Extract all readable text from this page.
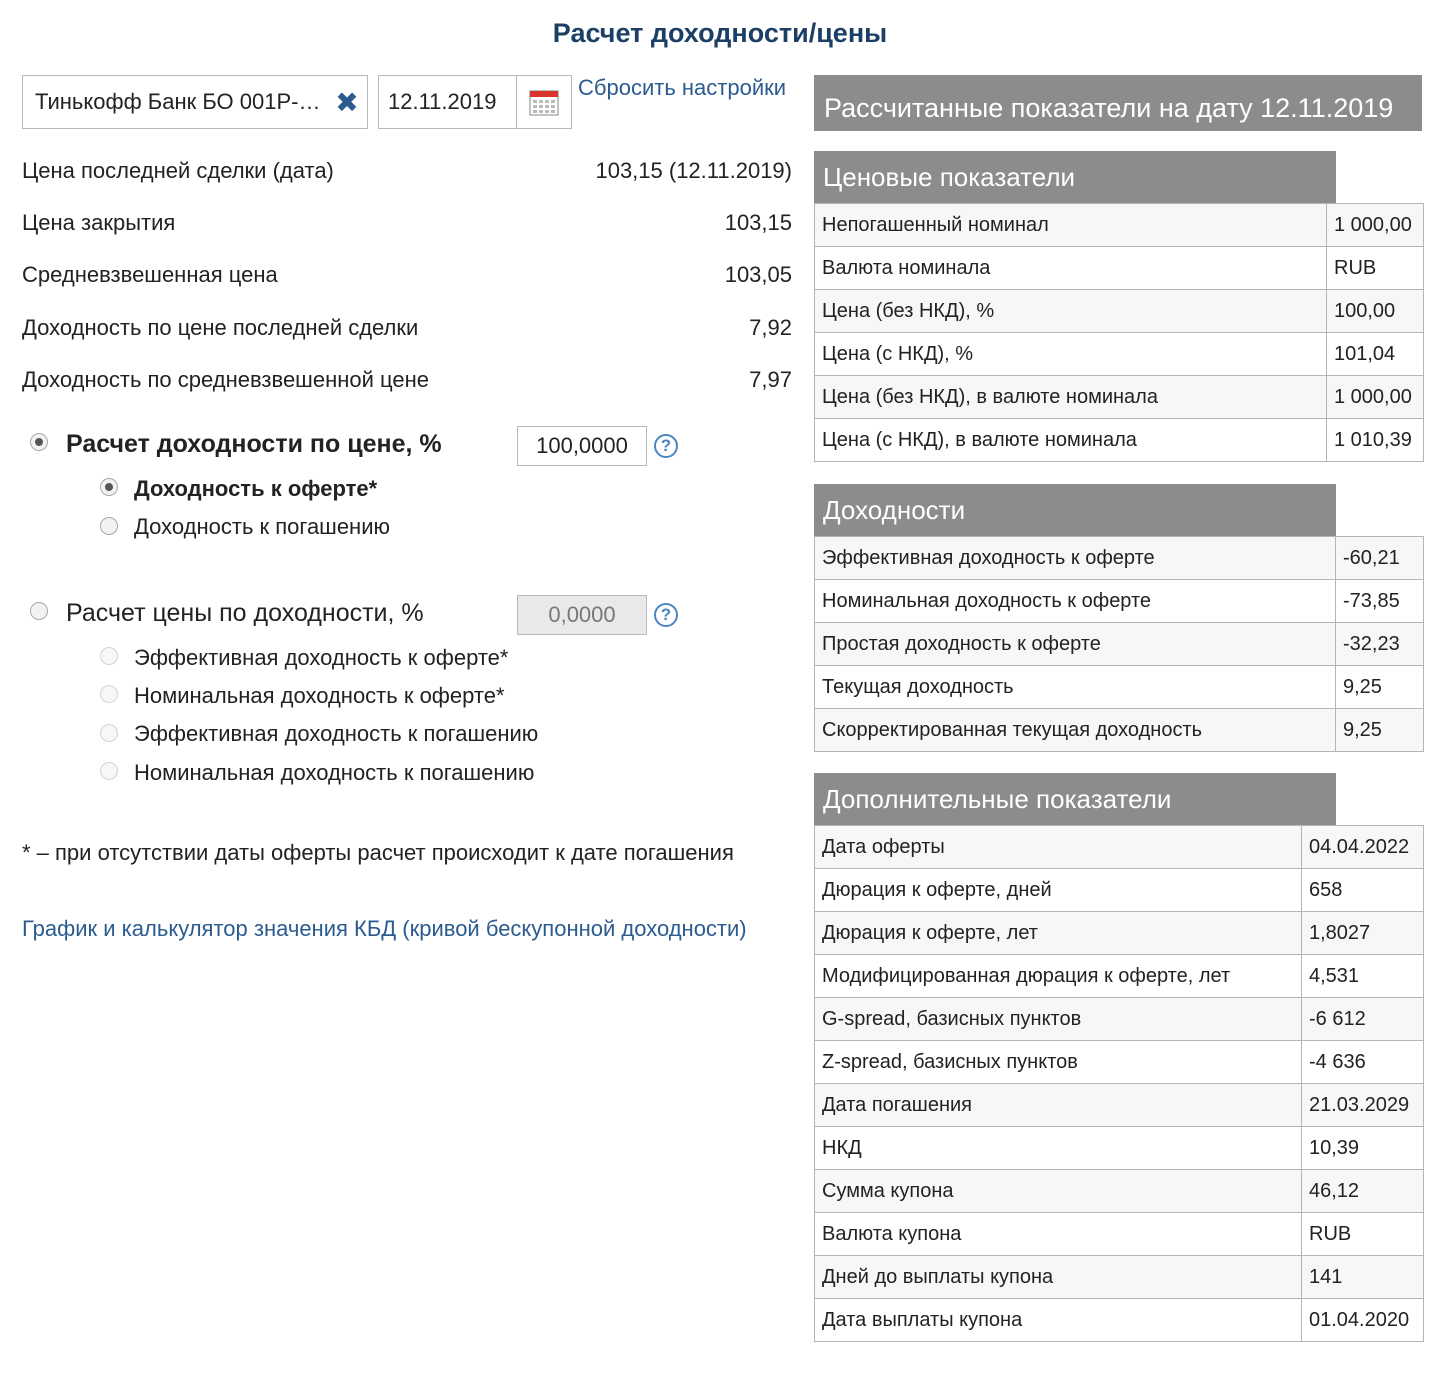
Расчет доходности/цены
Тинькофф Банк БО 001Р-… ✖	12.11.2019
Сбросить настройки
Цена последней сделки (дата)	103,15 (12.11.2019)
Цена закрытия	103,15
Средневзвешенная цена	103,05
Доходность по цене последней сделки	7,92
Доходность по средневзвешенной цене	7,97
Расчет доходности по цене, %	100,0000	?
Доходность к оферте*
Доходность к погашению
Расчет цены по доходности, %	0,0000	?
Эффективная доходность к оферте*
Номинальная доходность к оферте*
Эффективная доходность к погашению
Номинальная доходность к погашению
* – при отсутствии даты оферты расчет происходит к дате погашения
График и калькулятор значения КБД (кривой бескупонной доходности)
Рассчитанные показатели на дату 12.11.2019
Ценовые показатели
Непогашенный номинал	1 000,00
Валюта номинала	RUB
Цена (без НКД), %	100,00
Цена (с НКД), %	101,04
Цена (без НКД), в валюте номинала	1 000,00
Цена (с НКД), в валюте номинала	1 010,39
Доходности
Эффективная доходность к оферте	-60,21
Номинальная доходность к оферте	-73,85
Простая доходность к оферте	-32,23
Текущая доходность	9,25
Скорректированная текущая доходность	9,25
Дополнительные показатели
Дата оферты	04.04.2022
Дюрация к оферте, дней	658
Дюрация к оферте, лет	1,8027
Модифицированная дюрация к оферте, лет	4,531
G-spread, базисных пунктов	-6 612
Z-spread, базисных пунктов	-4 636
Дата погашения	21.03.2029
НКД	10,39
Сумма купона	46,12
Валюта купона	RUB
Дней до выплаты купона	141
Дата выплаты купона	01.04.2020
